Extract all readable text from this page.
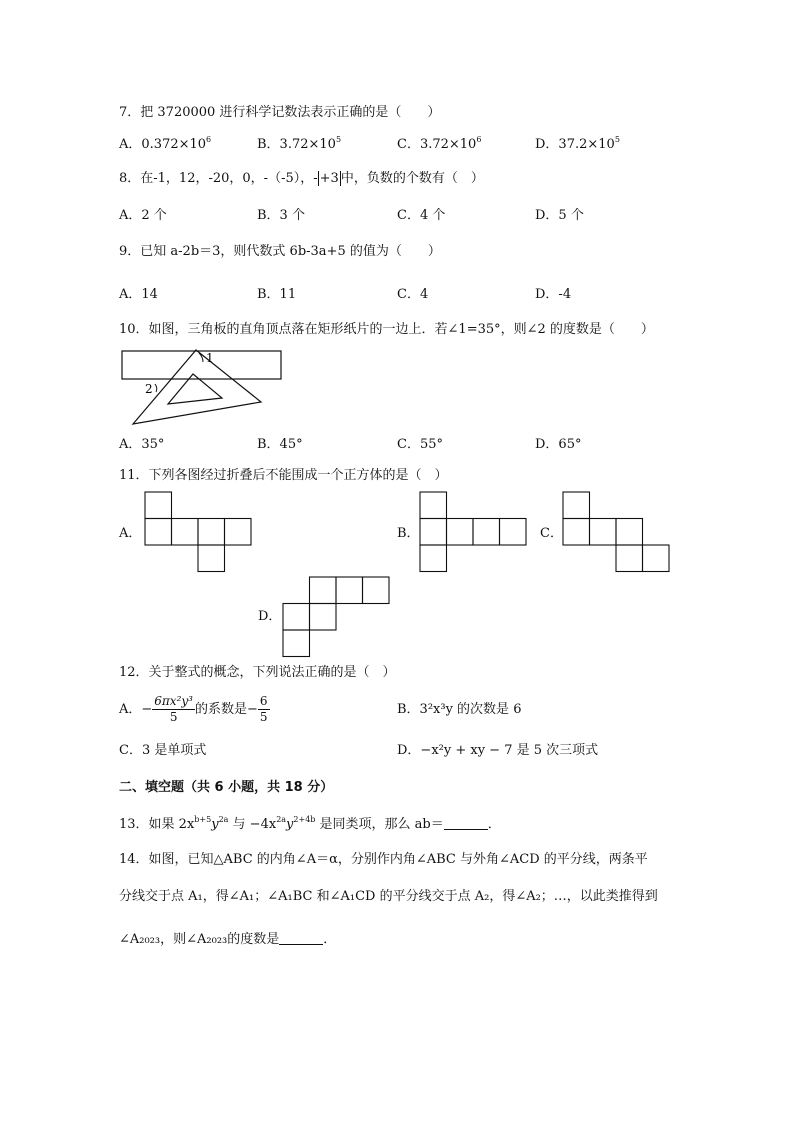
7．把 3720000 进行科学记数法表示正确的是（　　）
A．$0.372\times 10^6$	B．$3.72\times 10^5$	C．$3.72\times 10^6$	D．$37.2\times 10^5$
8．在-1，12，-20，0，-（-5），- +3 中，负数的个数有（　）
A．2 个	B．3 个	C．4 个	D．5 个
9．已知 a-2b＝3，则代数式 6b-3a+5 的值为（　　）
A．14	B．11	C．4	D．-4
10．如图，三角板的直角顶点落在矩形纸片的一边上．若∠1=35°，则∠2 的度数是（　　）
1
2
A．35°	B．45°	C．55°	D．65°
11．下列各图经过折叠后不能围成一个正方体的是（　）
A．	B．	C．
D．
12．关于整式的概念，下列说法正确的是（　）
A．− $\frac{\text{6πx²y³}}{5}$ 的系数是− $\frac{6}{5}$	B．3²x³y 的次数是 6
C．3 是单项式	D．−x²y + xy − 7 是 5 次三项式
二、填空题（共 6 小题，共 18 分）
13．如果 $2x^{b+5}y^{2a}$ 与 $-4x^{2a}y^{2+4b}$ 是同类项，那么 ab＝	．
14．如图，已知△ABC 的内角∠A＝α，分别作内角∠ABC 与外角∠ACD 的平分线，两条平
分线交于点 A₁，得∠A₁；∠A₁BC 和∠A₁CD 的平分线交于点 A₂，得∠A₂；…，以此类推得到
∠A₂₀₂₃，则∠A₂₀₂₃的度数是	．
